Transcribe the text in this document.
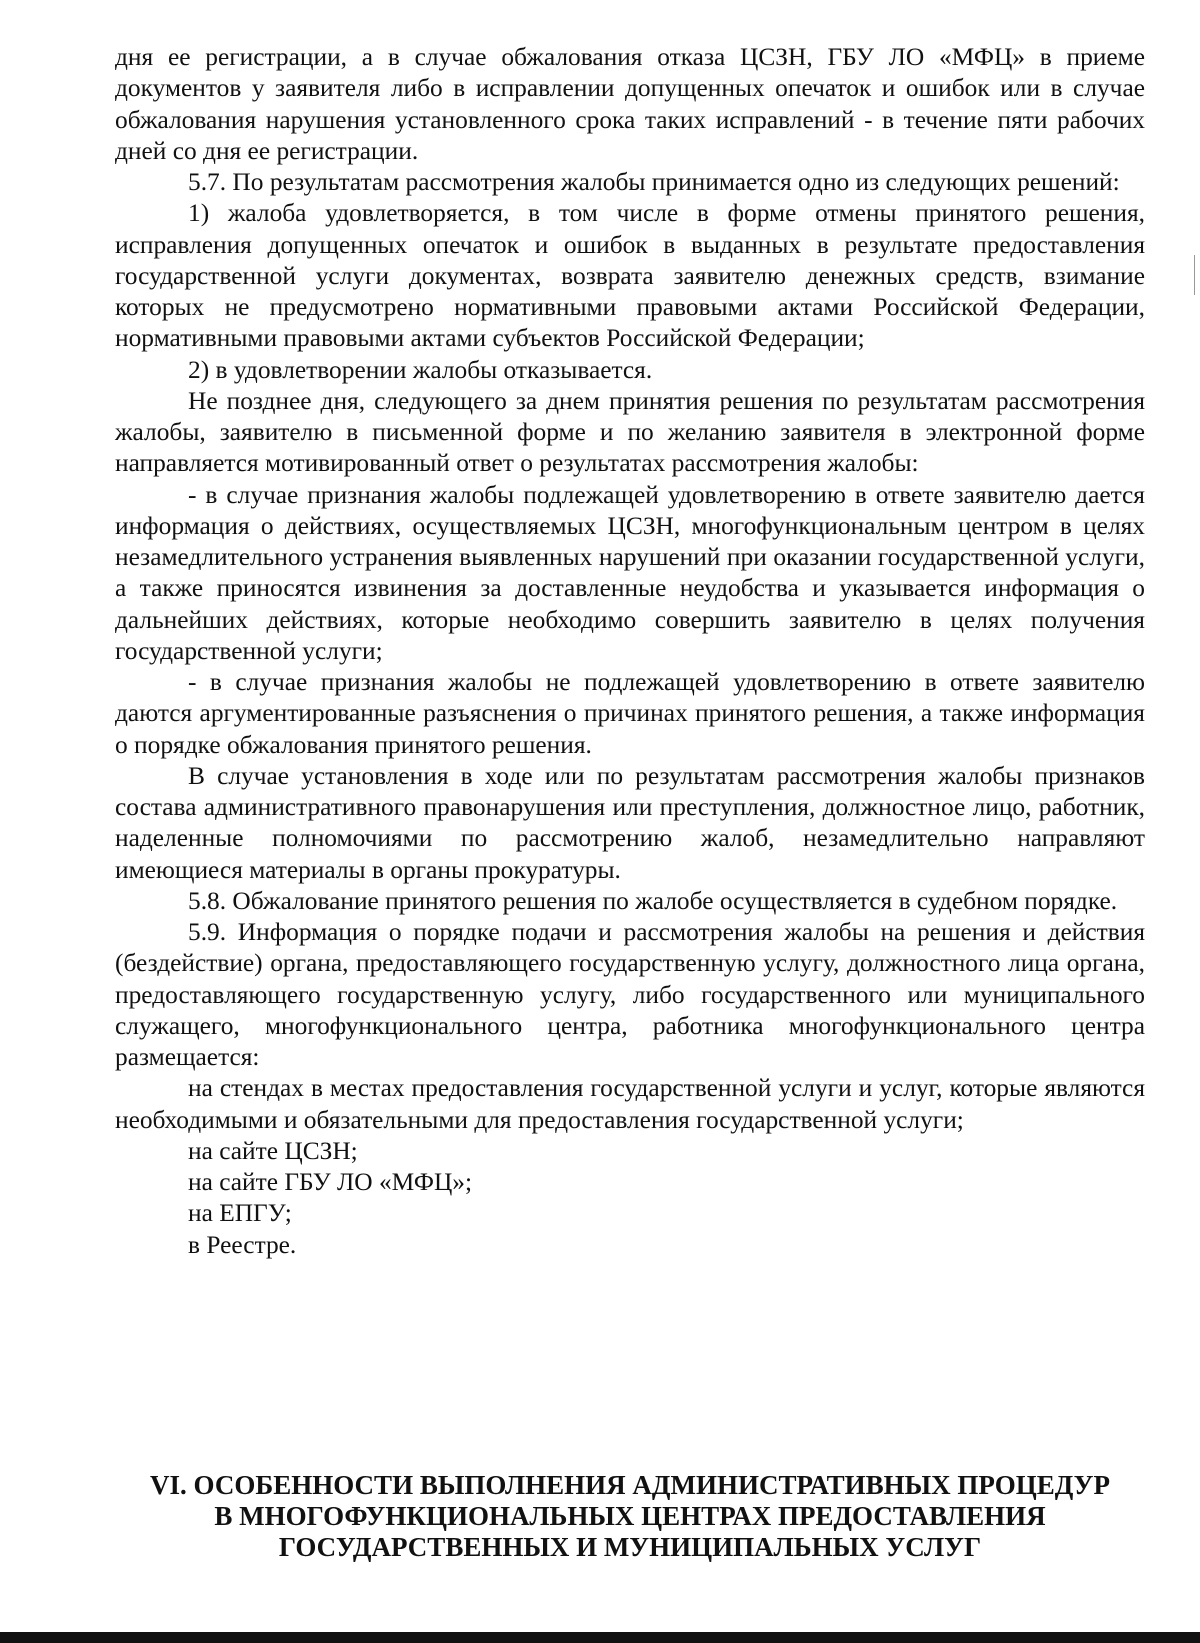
дня ее регистрации, а в случае обжалования отказа ЦСЗН, ГБУ ЛО «МФЦ» в приеме документов у заявителя либо в исправлении допущенных опечаток и ошибок или в случае обжалования нарушения установленного срока таких исправлений - в течение пяти рабочих дней со дня ее регистрации.

5.7. По результатам рассмотрения жалобы принимается одно из следующих решений:

1) жалоба удовлетворяется, в том числе в форме отмены принятого решения, исправления допущенных опечаток и ошибок в выданных в результате предоставления государственной услуги документах, возврата заявителю денежных средств, взимание которых не предусмотрено нормативными правовыми актами Российской Федерации, нормативными правовыми актами субъектов Российской Федерации;

2) в удовлетворении жалобы отказывается.

Не позднее дня, следующего за днем принятия решения по результатам рассмотрения жалобы, заявителю в письменной форме и по желанию заявителя в электронной форме направляется мотивированный ответ о результатах рассмотрения жалобы:

- в случае признания жалобы подлежащей удовлетворению в ответе заявителю дается информация о действиях, осуществляемых ЦСЗН, многофункциональным центром в целях незамедлительного устранения выявленных нарушений при оказании государственной услуги, а также приносятся извинения за доставленные неудобства и указывается информация о дальнейших действиях, которые необходимо совершить заявителю в целях получения государственной услуги;

- в случае признания жалобы не подлежащей удовлетворению в ответе заявителю даются аргументированные разъяснения о причинах принятого решения, а также информация о порядке обжалования принятого решения.

В случае установления в ходе или по результатам рассмотрения жалобы признаков состава административного правонарушения или преступления, должностное лицо, работник, наделенные полномочиями по рассмотрению жалоб, незамедлительно направляют имеющиеся материалы в органы прокуратуры.

5.8. Обжалование принятого решения по жалобе осуществляется в судебном порядке.

5.9. Информация о порядке подачи и рассмотрения жалобы на решения и действия (бездействие) органа, предоставляющего государственную услугу, должностного лица органа, предоставляющего государственную услугу, либо государственного или муниципального служащего, многофункционального центра, работника многофункционального центра размещается:

на стендах в местах предоставления государственной услуги и услуг, которые являются необходимыми и обязательными для предоставления государственной услуги;

на сайте ЦСЗН;

на сайте ГБУ ЛО «МФЦ»;

на ЕПГУ;

в Реестре.

VI. ОСОБЕННОСТИ ВЫПОЛНЕНИЯ АДМИНИСТРАТИВНЫХ ПРОЦЕДУР
В МНОГОФУНКЦИОНАЛЬНЫХ ЦЕНТРАХ ПРЕДОСТАВЛЕНИЯ
ГОСУДАРСТВЕННЫХ И МУНИЦИПАЛЬНЫХ УСЛУГ
